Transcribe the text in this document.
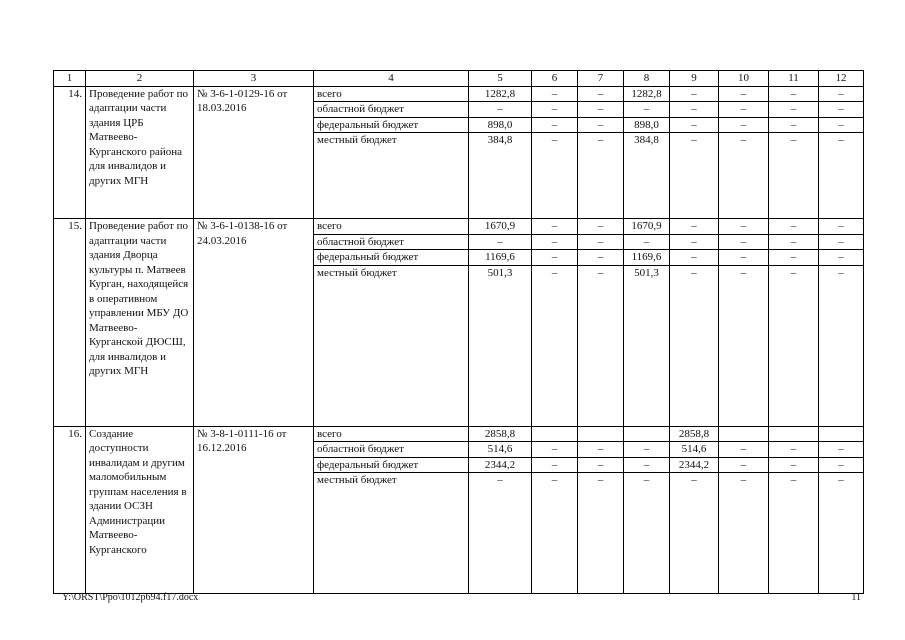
1	2	3	4	5	6	7	8	9	10	11	12
14.	Проведение работ по адаптации части здания ЦРБ Матвеево-Курганского района для инвалидов и других МГН	№ 3-6-1-0129-16 от 18.03.2016	всего	1282,8	–	–	1282,8	–	–	–	–
			областной бюджет	–	–	–	–	–	–	–	–
			федеральный бюджет	898,0	–	–	898,0	–	–	–	–
			местный бюджет	384,8	–	–	384,8	–	–	–	–
15.	Проведение работ по адаптации части здания Дворца культуры п. Матвеев Курган, находящейся в оперативном управлении МБУ ДО Матвеево-Курганской ДЮСШ, для инвалидов и других МГН	№ 3-6-1-0138-16 от 24.03.2016	всего	1670,9	–	–	1670,9	–	–	–	–
			областной бюджет	–	–	–	–	–	–	–	–
			федеральный бюджет	1169,6	–	–	1169,6	–	–	–	–
			местный бюджет	501,3	–	–	501,3	–	–	–	–
16.	Создание доступности инвалидам и другим маломобильным группам населения в здании ОСЗН Администрации Матвеево-Курганского	№ 3-8-1-0111-16 от 16.12.2016	всего	2858,8				2858,8			
			областной бюджет	514,6	–	–	–	514,6	–	–	–
			федеральный бюджет	2344,2	–	–	–	2344,2	–	–	–
			местный бюджет	–	–	–	–	–	–	–	–
Y:\ORST\Ppo\1012p694.f17.docx	11
